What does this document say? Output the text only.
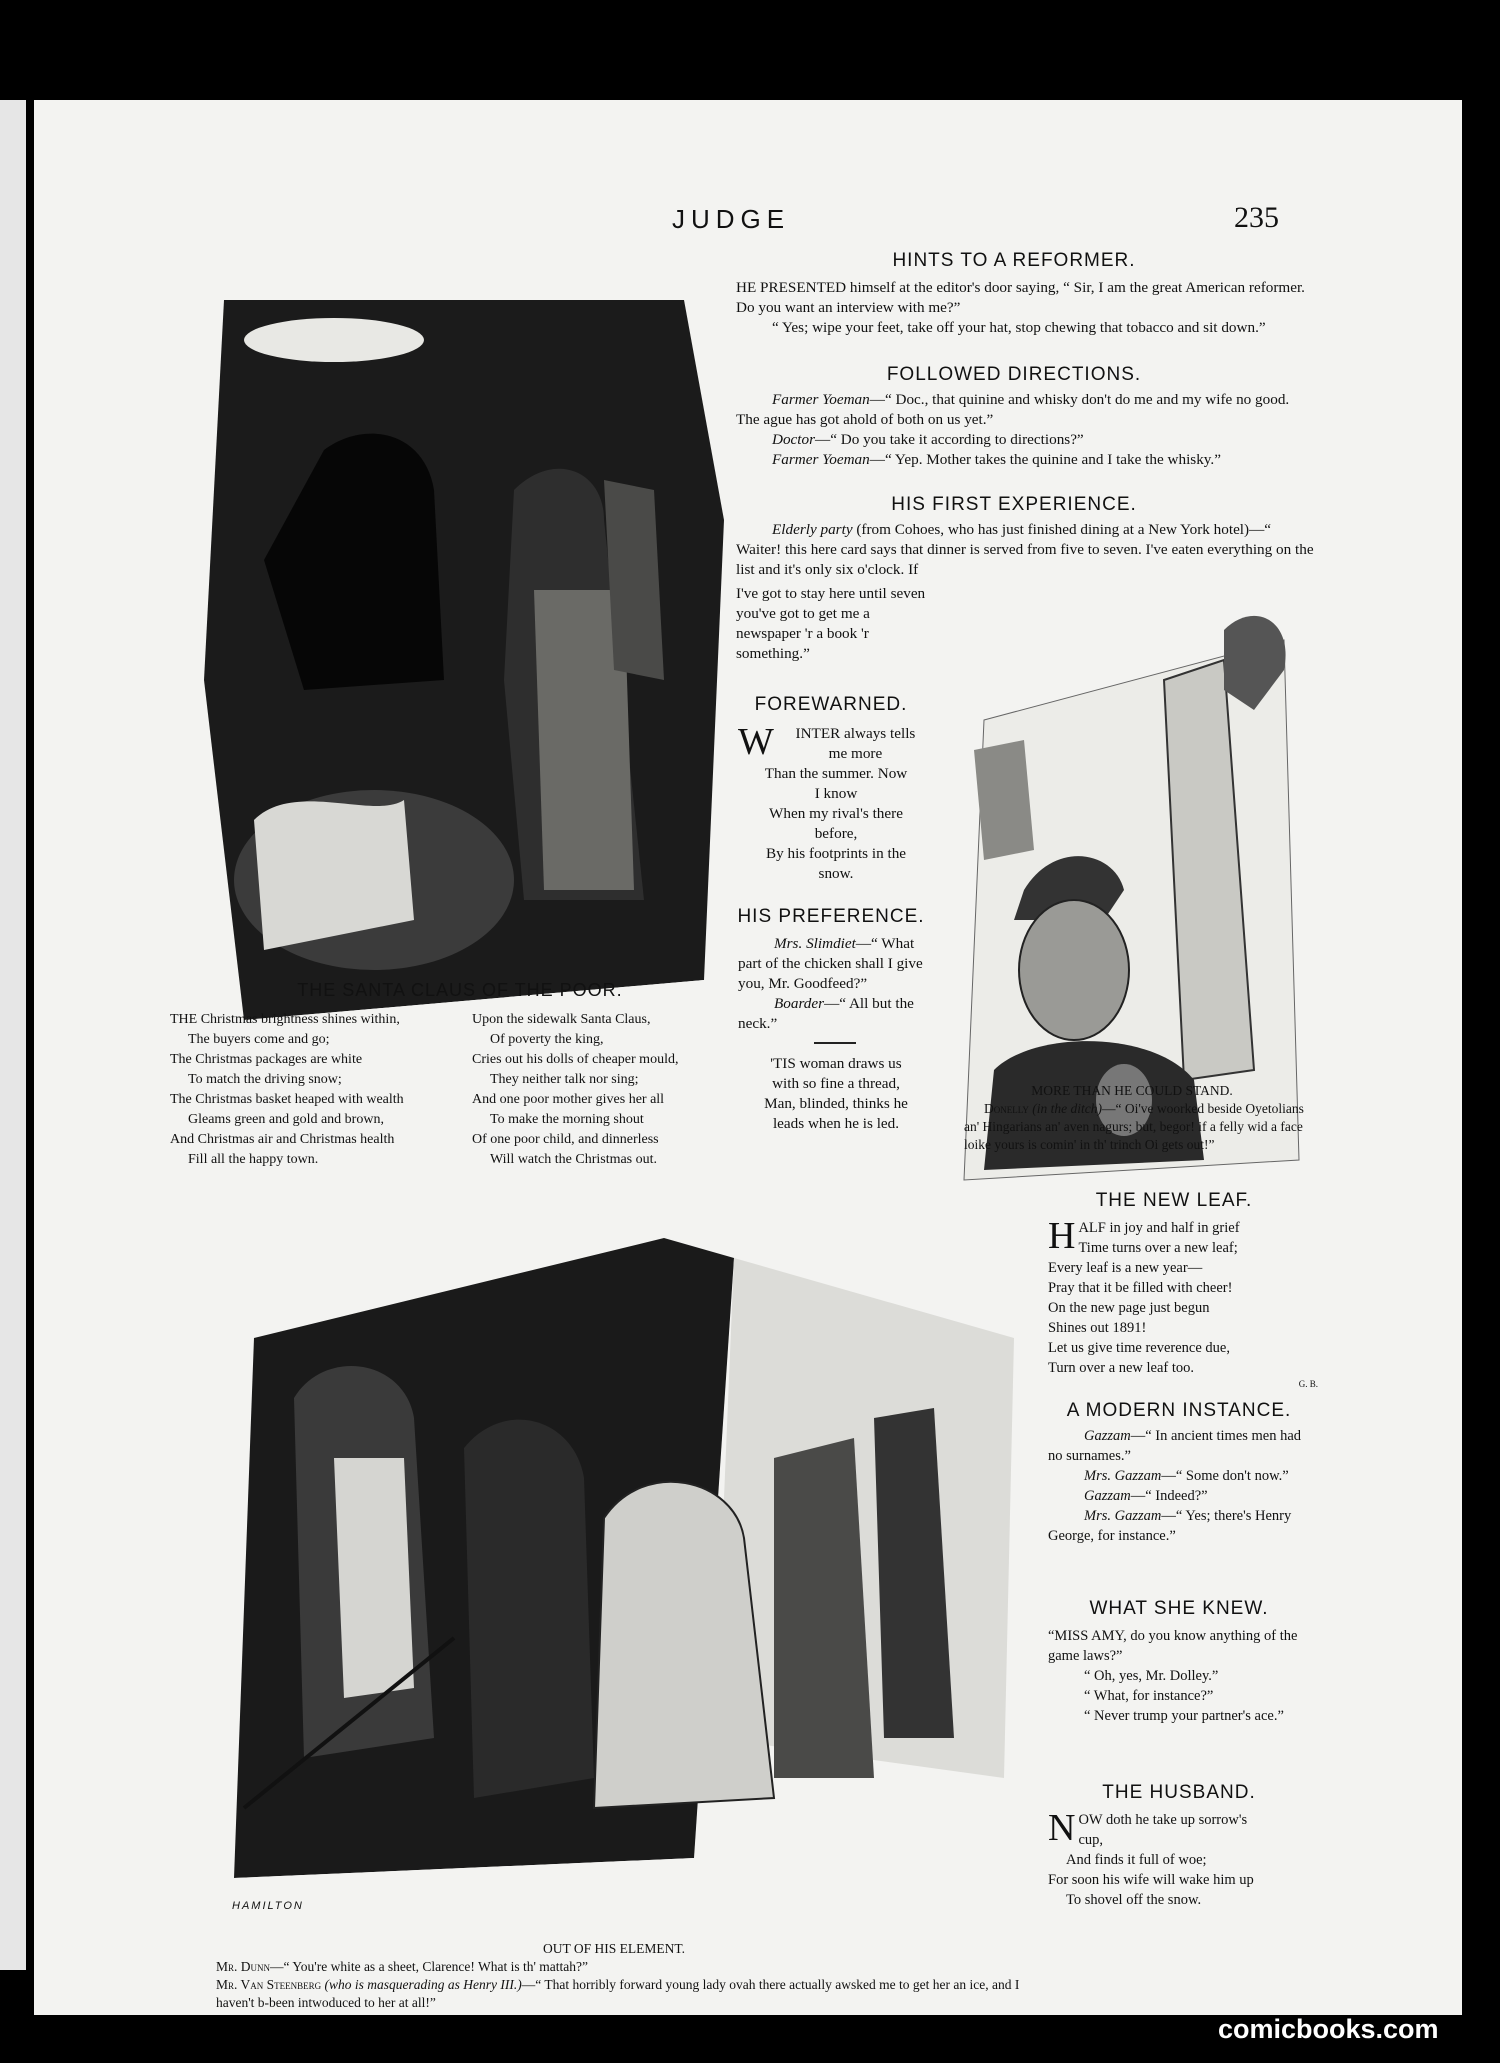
JUDGE	235
HINTS TO A REFORMER.

HE PRESENTED himself at the editor's door saying, “ Sir, I am the great American reformer. Do you want an interview with me?”

“ Yes; wipe your feet, take off your hat, stop chewing that tobacco and sit down.”

FOLLOWED DIRECTIONS.

Farmer Yoeman—“ Doc., that quinine and whisky don't do me and my wife no good. The ague has got ahold of both on us yet.”

Doctor—“ Do you take it according to directions?”

Farmer Yoeman—“ Yep. Mother takes the quinine and I take the whisky.”

HIS FIRST EXPERIENCE.

Elderly party (from Cohoes, who has just finished dining at a New York hotel)—“ Waiter! this here card says that dinner is served from five to seven. I've eaten everything on the list and it's only six o'clock. If

I've got to stay here until seven you've got to get me a newspaper 'r a book 'r something.”
FOREWARNED.
W	INTER always tells

me more

Than the summer. Now

I know

When my rival's there

before,

By his footprints in the

snow.

HIS PREFERENCE.

Mrs. Slimdiet—“ What part of the chicken shall I give you, Mr. Goodfeed?”

Boarder—“ All but the neck.”

'TIS woman draws us

with so fine a thread,

Man, blinded, thinks he

leads when he is led.

MORE THAN HE COULD STAND.
Donelly (in the ditch)—“ Oi've woorked beside Oyetolians an' Hingarians an' aven nagurs; but, begor! if a felly wid a face loike yours is comin' in th' trinch Oi gets out!”
THE SANTA CLAUS OF THE POOR.

THE Christmas brightness shines within,

The buyers come and go;

The Christmas packages are white

To match the driving snow;

The Christmas basket heaped with wealth

Gleams green and gold and brown,

And Christmas air and Christmas health

Fill all the happy town.

Upon the sidewalk Santa Claus,

Of poverty the king,

Cries out his dolls of cheaper mould,

They neither talk nor sing;

And one poor mother gives her all

To make the morning shout

Of one poor child, and dinnerless

Will watch the Christmas out.

HAMILTON
OUT OF HIS ELEMENT.

Mr. Dunn—“ You're white as a sheet, Clarence! What is th' mattah?”

Mr. Van Steenberg (who is masquerading as Henry III.)—“ That horribly forward young lady ovah there actually awsked me to get her an ice, and I haven't b-been intwoduced to her at all!”

THE NEW LEAF.
H ALF in joy and half in grief

Time turns over a new leaf;

Every leaf is a new year—

Pray that it be filled with cheer!

On the new page just begun

Shines out 1891!

Let us give time reverence due,

Turn over a new leaf too.

G. B.

A MODERN INSTANCE.

Gazzam—“ In ancient times men had no surnames.”

Mrs. Gazzam—“ Some don't now.”

Gazzam—“ Indeed?”

Mrs. Gazzam—“ Yes; there's Henry George, for instance.”

WHAT SHE KNEW.

“MISS AMY, do you know anything of the game laws?”

“ Oh, yes, Mr. Dolley.”

“ What, for instance?”

“ Never trump your partner's ace.”

THE HUSBAND.
N OW doth he take up sorrow's

cup,

And finds it full of woe;

For soon his wife will wake him up

To shovel off the snow.

comicbooks.com
